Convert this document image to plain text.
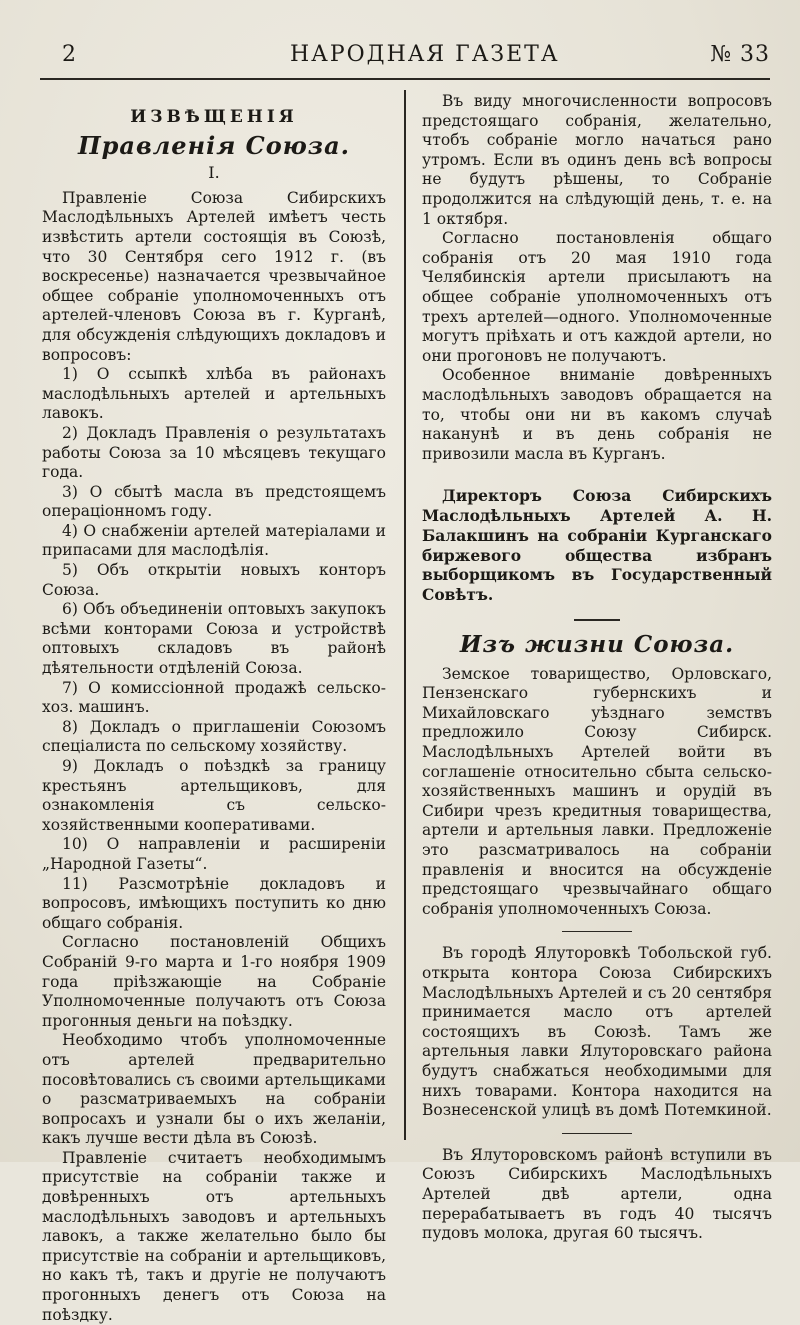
2	НАРОДНАЯ ГАЗЕТА	№ 33
ИЗВѢЩЕНІЯ
Правленія Союза.
I.

Правленіе Союза Сибирскихъ Маслодѣльныхъ Артелей имѣетъ честь извѣстить артели состоящія въ Союзѣ, что 30 Сентября сего 1912 г. (въ воскресенье) назначается чрезвычайное общее собраніе уполномоченныхъ отъ артелей-членовъ Союза въ г. Курганѣ, для обсужденія слѣдующихъ докладовъ и вопросовъ:

1) О ссыпкѣ хлѣба въ районахъ маслодѣльныхъ артелей и артельныхъ лавокъ.

2) Докладъ Правленія о результатахъ работы Союза за 10 мѣсяцевъ текущаго года.

3) О сбытѣ масла въ предстоящемъ операціонномъ году.

4) О снабженіи артелей матеріалами и припасами для маслодѣлія.

5) Объ открытіи новыхъ конторъ Союза.

6) Объ объединеніи оптовыхъ закупокъ всѣми конторами Союза и устройствѣ оптовыхъ складовъ въ районѣ дѣятельности отдѣленій Союза.

7) О комиссіонной продажѣ сельско-хоз. машинъ.

8) Докладъ о приглашеніи Союзомъ спеціалиста по сельскому хозяйству.

9) Докладъ о поѣздкѣ за границу крестьянъ артельщиковъ, для ознакомленія съ сельско-хозяйственными кооперативами.

10) О направленіи и расширеніи „Народной Газеты“.

11) Разсмотрѣніе докладовъ и вопросовъ, имѣющихъ поступить ко дню общаго собранія.

Согласно постановленій Общихъ Собраній 9-го марта и 1-го ноября 1909 года пріѣзжающіе на Собраніе Уполномоченные получаютъ отъ Союза прогонныя деньги на поѣздку.

Необходимо чтобъ уполномоченные отъ артелей предварительно посовѣтовались съ своими артельщиками о разсматриваемыхъ на собраніи вопросахъ и узнали бы о ихъ желаніи, какъ лучше вести дѣла въ Союзѣ.

Правленіе считаетъ необходимымъ присутствіе на собраніи также и довѣренныхъ отъ артельныхъ маслодѣльныхъ заводовъ и артельныхъ лавокъ, а также желательно было бы присутствіе на собраніи и артельщиковъ, но какъ тѣ, такъ и другіе не получаютъ прогонныхъ денегъ отъ Союза на поѣздку.

Въ виду многочисленности вопросовъ предстоящаго собранія, желательно, чтобъ собраніе могло начаться рано утромъ. Если въ одинъ день всѣ вопросы не будутъ рѣшены, то Собраніе продолжится на слѣдующій день, т. е. на 1 октября.

Согласно постановленія общаго собранія отъ 20 мая 1910 года Челябинскія артели присылаютъ на общее собраніе уполномоченныхъ отъ трехъ артелей—одного. Уполномоченные могутъ пріѣхать и отъ каждой артели, но они прогоновъ не получаютъ.

Особенное вниманіе довѣренныхъ маслодѣльныхъ заводовъ обращается на то, чтобы они ни въ какомъ случаѣ наканунѣ и въ день собранія не привозили масла въ Курганъ.

Директоръ Союза Сибирскихъ Маслодѣльныхъ Артелей А. Н. Балакшинъ на собраніи Курганскаго биржевого общества избранъ выборщикомъ въ Государственный Совѣтъ.

Изъ жизни Союза.

Земское товарищество, Орловскаго, Пензенскаго губернскихъ и Михайловскаго уѣзднаго земствъ предложило Союзу Сибирск. Маслодѣльныхъ Артелей войти въ соглашеніе относительно сбыта сельско-хозяйственныхъ машинъ и орудій въ Сибири чрезъ кредитныя товарищества, артели и артельныя лавки. Предложеніе это разсматривалось на собраніи правленія и вносится на обсужденіе предстоящаго чрезвычайнаго общаго собранія уполномоченныхъ Союза.

Въ городѣ Ялуторовкѣ Тобольской губ. открыта контора Союза Сибирскихъ Маслодѣльныхъ Артелей и съ 20 сентября принимается масло отъ артелей состоящихъ въ Союзѣ. Тамъ же артельныя лавки Ялуторовскаго района будутъ снабжаться необходимыми для нихъ товарами. Контора находится на Вознесенской улицѣ въ домѣ Потемкиной.

Въ Ялуторовскомъ районѣ вступили въ Союзъ Сибирскихъ Маслодѣльныхъ Артелей двѣ артели, одна перерабатываетъ въ годъ 40 тысячъ пудовъ молока, другая 60 тысячъ.
